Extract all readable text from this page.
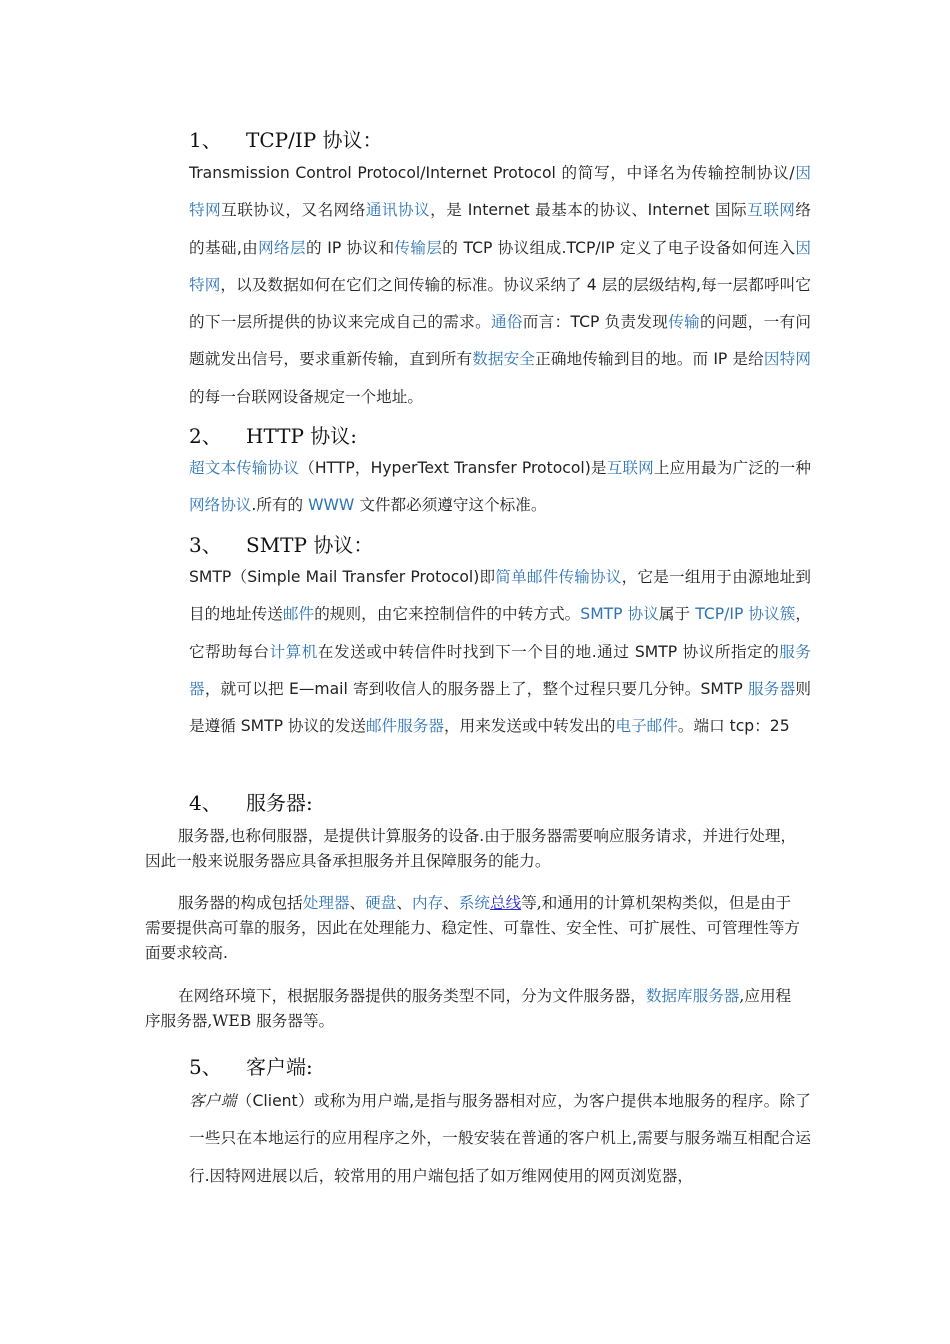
1、 TCP/IP 协议：

Transmission Control Protocol/Internet Protocol 的简写，中译名为传输控制协议/因特网互联协议，又名网络通讯协议，是 Internet 最基本的协议、Internet 国际互联网络的基础,由网络层的 IP 协议和传输层的 TCP 协议组成.TCP/IP 定义了电子设备如何连入因特网，以及数据如何在它们之间传输的标准。协议采纳了 4 层的层级结构,每一层都呼叫它的下一层所提供的协议来完成自己的需求。通俗而言：TCP 负责发现传输的问题，一有问题就发出信号，要求重新传输，直到所有数据安全正确地传输到目的地。而 IP 是给因特网的每一台联网设备规定一个地址。

2、 HTTP 协议:

超文本传输协议（HTTP，HyperText Transfer Protocol)是互联网上应用最为广泛的一种网络协议.所有的 WWW 文件都必须遵守这个标准。

3、 SMTP 协议：

SMTP（Simple Mail Transfer Protocol)即简单邮件传输协议，它是一组用于由源地址到目的地址传送邮件的规则，由它来控制信件的中转方式。SMTP 协议属于 TCP/IP 协议簇，它帮助每台计算机在发送或中转信件时找到下一个目的地.通过 SMTP 协议所指定的服务器，就可以把 E—mail 寄到收信人的服务器上了，整个过程只要几分钟。SMTP 服务器则是遵循 SMTP 协议的发送邮件服务器，用来发送或中转发出的电子邮件。端口 tcp：25

4、 服务器:

服务器,也称伺服器，是提供计算服务的设备.由于服务器需要响应服务请求，并进行处理，因此一般来说服务器应具备承担服务并且保障服务的能力。

服务器的构成包括处理器、硬盘、内存、系统总线等,和通用的计算机架构类似，但是由于需要提供高可靠的服务，因此在处理能力、稳定性、可靠性、安全性、可扩展性、可管理性等方面要求较高.

在网络环境下，根据服务器提供的服务类型不同，分为文件服务器，数据库服务器,应用程序服务器,WEB 服务器等。

5、 客户端:

客户端（Client）或称为用户端,是指与服务器相对应，为客户提供本地服务的程序。除了一些只在本地运行的应用程序之外，一般安装在普通的客户机上,需要与服务端互相配合运行.因特网进展以后，较常用的用户端包括了如万维网使用的网页浏览器，
